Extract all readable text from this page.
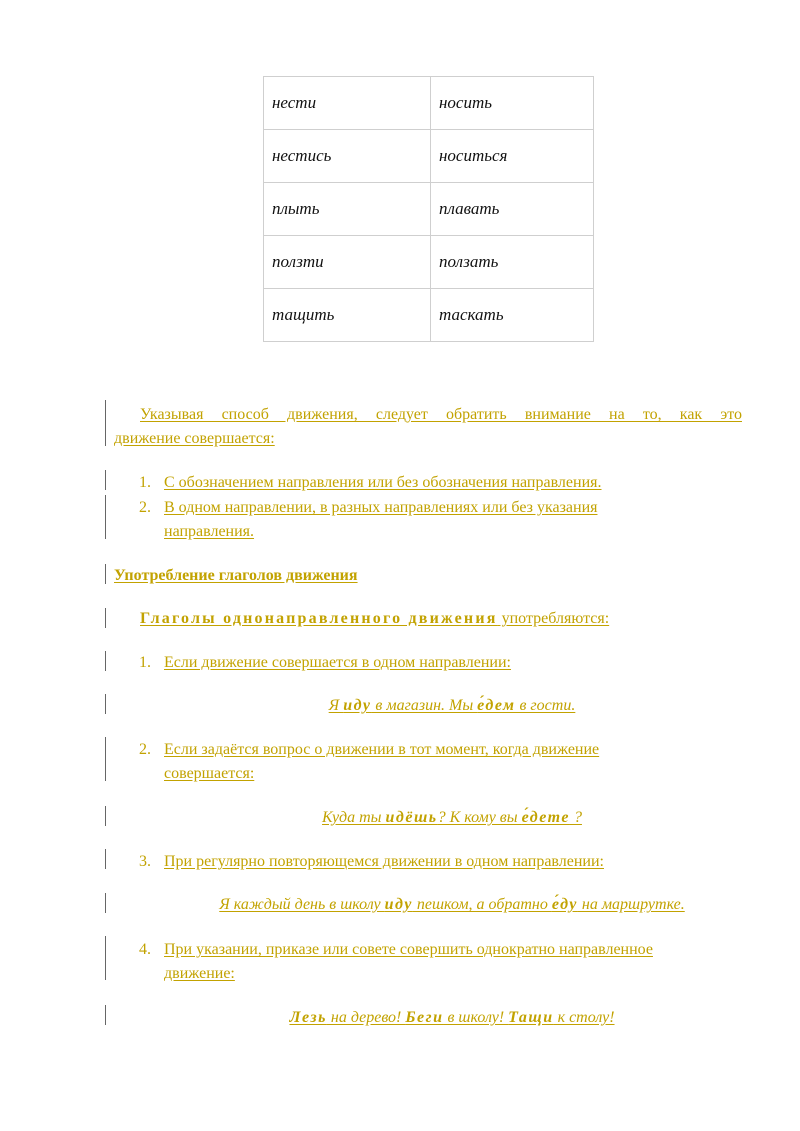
нести	носить
нестись	носиться
плыть	плавать
ползти	ползать
тащить	таскать
Указывая способ движения, следует обратить внимание на то, как это
движение совершается:
1. С обозначением направления или без обозначения направления.
2. В одном направлении, в разных направлениях или без указания
направления.
Употребление глаголов движения
Глаголы однонаправленного движения употребляются:
1. Если движение совершается в одном направлении:
Я иду в магазин. Мы е́дем в гости.
2. Если задаётся вопрос о движении в тот момент, когда движение
совершается:
Куда ты идёшь? К кому вы е́дете ?
3. При регулярно повторяющемся движении в одном направлении:
Я каждый день в школу иду пешком, а обратно е́ду на маршрутке.
4. При указании, приказе или совете совершить однократно направленное
движение:
Лезь на дерево! Беги в школу! Тащи к столу!
